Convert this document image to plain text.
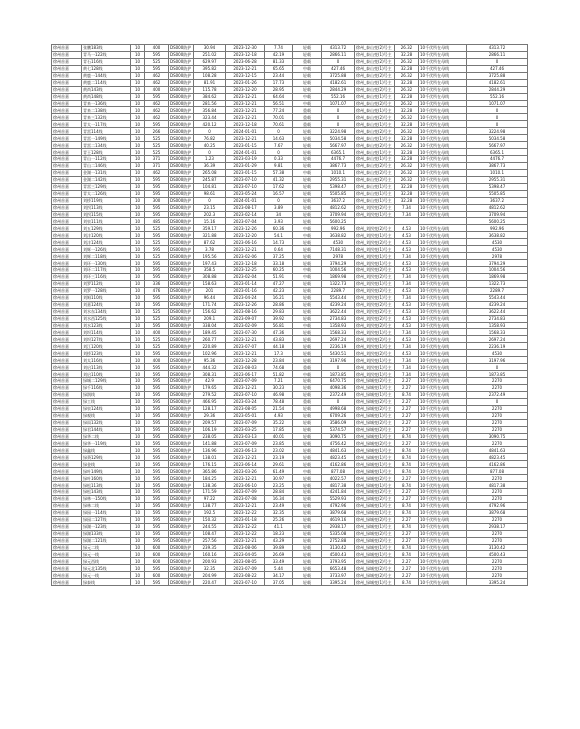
徐州首嘉	张鹏183线	10	400	DS000防护	30.94	2023-12-30	7.74	轻载	4313.72	徐州_泰山变(2)号主	26.32	10千伏所在母线	4313.72
徐州首嘉	青马一122线	10	595	DS000防护	251.02	2023-12-18	42.19	轻载	2866.11	徐州_泰山变(1)号主	32.28	10千伏所在母线	2866.11
徐州首嘉	青石116线	10	525	DS000防护	629.97	2023-06-28	81.33	重载	0	徐州_泰山变(2)号主	26.32	10千伏所在母线	0
徐州首嘉	黄七128线	10	595	DS000防护	395.82	2023-12-21	65.65	中载	427.46	徐州_泰山变(1)号主	32.28	10千伏所在母线	427.46
徐州首嘉	黄鹿一144线	10	462	DS000防护	108.28	2023-12-15	23.44	轻载	3725.88	徐州_泰山变(2)号主	26.32	10千伏所在母线	3725.88
徐州首嘉	黄鹿二114线	10	462	DS000防护	81.91	2023-01-26	17.73	轻载	4182.61	徐州_泰山变(1)号主	32.28	10千伏所在母线	4182.61
徐州首嘉	黄尚143线	10	400	DS000防护	115.78	2023-12-20	28.95	轻载	2844.29	徐州_泰山变(2)号主	26.32	10千伏所在母线	2844.29
徐州首嘉	黄尚148线	10	595	DS000防护	384.62	2023-12-21	64.64	中载	552.16	徐州_泰山变(1)号主	32.28	10千伏所在母线	552.16
徐州首嘉	青来一136线	10	462	DS000防护	281.56	2023-12-21	56.51	中载	1071.07	徐州_泰山变(2)号主	26.32	10千伏所在母线	1071.07
徐州首嘉	青来二138线	10	462	DS000防护	356.84	2023-12-21	77.24	重载	0	徐州_泰山变(1)号主	32.28	10千伏所在母线	0
徐州首嘉	青来三132线	10	462	DS000防护	323.44	2023-12-21	70.01	重载	0	徐州_泰山变(2)号主	26.32	10千伏所在母线	0
徐州首嘉	青太一117线	10	595	DS000防护	420.12	2023-12-18	70.61	重载	0	徐州_泰山变(1)号主	32.28	10千伏所在母线	0
徐州首嘉	青雷114线	10	266	DS000防护	0	2024-01-01	0	轻载	3224.98	徐州_泰山变(2)号主	26.32	10千伏所在母线	3224.98
徐州首嘉	青雷一149线	10	525	DS000防护	76.82	2023-12-21	14.63	轻载	5034.58	徐州_泰山变(1)号主	32.28	10千伏所在母线	5034.58
徐州首嘉	青雷二134线	10	525	DS000防护	40.25	2023-01-15	7.67	轻载	5667.97	徐州_泰山变(2)号主	26.32	10千伏所在母线	5667.97
徐州首嘉	青王128线	10	525	DS000防护	0	2024-01-01	0	轻载	6365.1	徐州_泰山变(1)号主	32.28	10千伏所在母线	6365.1
徐州首嘉	青山一112线	10	371	DS000防护	1.23	2023-03-19	0.33	轻载	4476.7	徐州_泰山变(1)号主	32.28	10千伏所在母线	4476.7
徐州首嘉	青山二146线	10	371	DS000防护	36.39	2023-01-29	9.81	轻载	3867.73	徐州_泰山变(2)号主	26.32	10千伏所在母线	3867.73
徐州首嘉	金湖一131线	10	462	DS000防护	265.08	2023-01-15	57.38	中载	1010.1	徐州_泰山变(2)号主	26.32	10千伏所在母线	1010.1
徐州首嘉	金湖二142线	10	595	DS000防护	245.87	2023-07-10	41.32	轻载	2955.31	徐州_泰山变(2)号主	26.32	10千伏所在母线	2955.31
徐州首嘉	青雷三129线	10	595	DS000防护	104.81	2023-07-10	17.62	轻载	5398.47	徐州_泰山变(1)号主	32.28	10千伏所在母线	5398.47
徐州首嘉	青太二126线	10	595	DS000防护	98.61	2023-05-24	16.57	轻载	5505.85	徐州_泰山变(1)号主	32.28	10千伏所在母线	5505.85
徐州首嘉	刘桥119线	10	300	DS000防护	0	2024-01-01	0	轻载	3637.2	徐州_泰山变(1)号主	32.28	10千伏所在母线	3637.2
徐州首嘉	刘拐113线	10	595	DS000防护	23.15	2023-08-17	3.89	轻载	4812.62	徐州_刘拐变(2)号主	7.34	10千伏所在母线	4812.62
徐州首嘉	刘拐115线	10	595	DS000防护	202.3	2023-02-14	34	轻载	3709.94	徐州_刘拐变(1)号主	7.34	10千伏所在母线	3709.94
徐州首嘉	刘泉111线	10	485	DS000防护	15.16	2023-07-04	3.93	轻载	5600.25				5600.25
徐州首嘉	刘五129线	10	525	DS000防护	359.17	2023-12-26	60.36	中载	992.96	徐州_刘拐变(2)号主	4.53	10千伏所在母线	992.96
徐州首嘉	刘沣120线	10	595	DS000防护	321.88	2023-12-20	54.1	中载	3638.82	徐州_刘拐变(1)号主	4.53	10千伏所在母线	3638.82
徐州首嘉	刘沣124线	10	525	DS000防护	87.62	2023-06-16	14.73	轻载	4530	徐州_刘拐变(2)号主	4.53	10千伏所在母线	4530
徐州首嘉	刘辉一126线	10	595	DS000防护	3.78	2023-12-21	0.64	轻载	7148.31	徐州_刘拐变(1)号主	4.53	10千伏所在母线	4530
徐州首嘉	刘辉二118线	10	525	DS000防护	195.56	2023-02-06	37.25	轻载	2978	徐州_刘拐变(1)号主	7.34	10千伏所在母线	2978
徐州首嘉	刘环一130线	10	595	DS000防护	197.43	2023-12-18	33.18	轻载	3794.29	徐州_刘拐变(1)号主	4.53	10千伏所在母线	3794.29
徐州首嘉	刘环二117线	10	595	DS000防护	358.5	2023-12-25	60.25	中载	1004.56	徐州_刘拐变(2)号主	4.53	10千伏所在母线	1004.56
徐州首嘉	刘环三116线	10	595	DS000防护	308.88	2023-02-04	51.91	中载	1869.98	徐州_刘拐变(2)号主	7.34	10千伏所在母线	1869.98
徐州首嘉	刘罗112线	10	336	DS000防护	158.63	2023-01-14	47.27	轻载	1322.73	徐州_刘拐变(1)号主	7.34	10千伏所在母线	1322.73
徐州首嘉	刘罗一128线	10	476	DS000防护	201	2023-01-16	42.23	轻载	2289.7	徐州_刘拐变(2)号主	4.53	10千伏所在母线	2289.7
徐州首嘉	刘姆110线	10	595	DS000防护	96.44	2023-04-24	16.21	轻载	5543.44	徐州_刘拐变(1)号主	7.34	10千伏所在母线	5543.44
徐州首嘉	刘嘉124线	10	595	DS000防护	171.74	2023-12-26	28.86	轻载	4239.24	徐州_刘拐变(2)号主	4.53	10千伏所在母线	4239.24
徐州首嘉	刘水东134线	10	525	DS000防护	156.62	2023-08-16	29.83	轻载	3622.44	徐州_刘拐变(2)号主	4.53	10千伏所在母线	3622.44
徐州首嘉	刘水西125线	10	525	DS000防护	209.1	2023-09-07	39.92	轻载	2734.83	徐州_刘拐变(2)号主	4.53	10千伏所在母线	2734.83
徐州首嘉	刘水123线	10	595	DS000防护	338.04	2023-02-09	56.81	中载	1358.93	徐州_刘拐变(2)号主	4.53	10千伏所在母线	1358.93
徐州首嘉	刘坝114线	10	400	DS000防护	189.45	2023-07-30	47.36	轻载	1568.33	徐州_刘拐变(1)号主	7.34	10千伏所在母线	1568.33
徐州首嘉	刘坝127线	10	525	DS000防护	260.77	2023-12-21	43.83	轻载	2697.24	徐州_刘拐变(2)号主	4.53	10千伏所在母线	2697.24
徐州首嘉	刘江120线	10	525	DS000防护	220.89	2023-07-07	44.18	轻载	2236.19	徐州_刘拐变(1)号主	7.34	10千伏所在母线	2236.19
徐州首嘉	刘桥123线	10	595	DS000防护	102.96	2023-12-21	17.3	轻载	5430.51	徐州_刘拐变(2)号主	4.53	10千伏所在母线	4530
徐州首嘉	刘太116线	10	400	DS000防护	95.36	2023-12-28	23.84	轻载	3197.96	徐州_刘拐变(1)号主	7.34	10千伏所在母线	3197.96
徐州首嘉	刘启113线	10	595	DS000防护	444.32	2023-08-03	74.68	重载	0	徐州_刘拐变(1)号主	7.34	10千伏所在母线	0
徐州首嘉	刘启110线	10	595	DS000防护	308.31	2023-06-17	51.82	中载	1873.85	徐州_刘拐变(1)号主	7.34	10千伏所在母线	1873.85
徐州首嘉	绿城二129线	10	595	DS000防护	42.9	2023-07-09	7.21	轻载	6470.75	徐州_绿城变(2)号主	2.27	10千伏所在母线	2270
徐州首嘉	绿千116线	10	595	DS000防护	179.65	2023-12-21	30.23	轻载	4098.36	徐州_绿城变(1)号主	2.27	10千伏所在母线	2270
徐州首嘉	绿润线	10	595	DS000防护	279.52	2023-07-10	46.98	轻载	2372.49	徐州_绿城变(1)号主	8.74	10千伏所在母线	2372.49
徐州首嘉	绿工线	10	595	DS000防护	466.95	2023-03-24	78.48	重载	0	徐州_绿城变(2)号主	2.27	10千伏所在母线	0
徐州首嘉	绿泉124线	10	595	DS000防护	128.17	2023-08-05	21.54	轻载	4998.68	徐州_绿城变(2)号主	2.27	10千伏所在母线	2270
徐州首嘉	绿观线	10	595	DS000防护	29.36	2023-05-01	4.93	轻载	6709.26	徐州_绿城变(1)号主	2.27	10千伏所在母线	2270
徐州首嘉	绿雨132线	10	595	DS000防护	209.57	2023-07-09	35.22	轻载	3586.09	徐州_绿城变(2)号主	2.27	10千伏所在母线	2270
徐州首嘉	绿君144线	10	595	DS000防护	106.19	2023-03-25	17.85	轻载	5374.57	徐州_绿城变(2)号主	2.27	10千伏所在母线	2270
徐州首嘉	绿华二线	10	595	DS000防护	238.05	2023-03-13	40.01	轻载	3090.75	徐州_绿城变(1)号主	8.74	10千伏所在母线	3090.75
徐州首嘉	绿华一119线	10	595	DS000防护	141.88	2023-07-09	23.85	轻载	4756.42	徐州_绿城变(2)号主	2.27	10千伏所在母线	2270
徐州首嘉	绿鑫线	10	595	DS000防护	136.96	2023-06-13	23.02	轻载	4841.63	徐州_绿城变(1)号主	8.74	10千伏所在母线	4841.63
徐州首嘉	绿葵129线	10	595	DS000防护	138.01	2023-12-21	23.19	轻载	4823.45	徐州_绿城变(1)号主	8.74	10千伏所在母线	4823.45
徐州首嘉	绿金线	10	595	DS000防护	176.15	2023-06-14	29.61	轻载	4162.86	徐州_绿城变(1)号主	8.74	10千伏所在母线	4162.86
徐州首嘉	绿叶149线	10	595	DS000防护	365.86	2023-03-26	61.49	中载	877.08	徐州_绿城变(1)号主	8.74	10千伏所在母线	877.08
徐州首嘉	绿叶160线	10	595	DS000防护	184.25	2023-12-21	30.97	轻载	4022.57	徐州_绿城变(2)号主	2.27	10千伏所在母线	2270
徐州首嘉	绿松113线	10	595	DS000防护	138.36	2023-06-10	23.25	轻载	4817.38	徐州_绿城变(1)号主	8.74	10千伏所在母线	4817.38
徐州首嘉	绿松143线	10	595	DS000防护	171.59	2023-07-09	28.84	轻载	4241.84	徐州_绿城变(2)号主	2.27	10千伏所在母线	2270
徐州首嘉	绿林一150线	10	595	DS000防护	97.22	2023-07-08	16.34	轻载	5529.93	徐州_绿城变(2)号主	2.27	10千伏所在母线	2270
徐州首嘉	绿林二线	10	595	DS000防护	138.77	2023-12-21	23.49	轻载	4792.96	徐州_绿城变(1)号主	8.74	10千伏所在母线	4792.96
徐州首嘉	绿园一114线	10	595	DS000防护	192.5	2023-12-22	32.35	轻载	3879.68	徐州_绿城变(1)号主	8.74	10千伏所在母线	3879.68
徐州首嘉	绿园二127线	10	595	DS000防护	150.32	2023-01-18	25.26	轻载	4619.16	徐州_绿城变(2)号主	2.27	10千伏所在母线	2270
徐州首嘉	绿湖一123线	10	595	DS000防护	244.55	2023-12-22	41.1	轻载	2938.17	徐州_绿城变(1)号主	8.74	10千伏所在母线	2938.17
徐州首嘉	绿湖133线	10	595	DS000防护	108.47	2023-12-22	18.23	轻载	5335.08	徐州_绿城变(2)号主	2.27	10千伏所在母线	2270
徐州首嘉	绿湖二121线	10	595	DS000防护	257.56	2023-12-21	43.29	轻载	2752.88	徐州_绿城变(2)号主	2.27	10千伏所在母线	2270
徐州首嘉	绿元二线	10	600	DS000防护	239.35	2023-08-06	39.89	轻载	3130.42	徐州_绿城变(1)号主	8.74	10千伏所在母线	3130.42
徐州首嘉	绿元一线	10	600	DS000防护	160.16	2023-04-05	26.69	轻载	4500.43	徐州_绿城变(1)号主	8.74	10千伏所在母线	4500.43
徐州首嘉	绿元西线	10	600	DS000防护	200.93	2023-08-05	33.49	轻载	3793.95	徐州_绿城变(2)号主	2.27	10千伏所在母线	2270
徐州首嘉	绿元北135线	10	595	DS000防护	32.35	2023-07-09	5.44	轻载	6653.48	徐州_绿城变(2)号主	2.27	10千伏所在母线	2270
徐州首嘉	绿元一线	10	600	DS000防护	204.99	2023-08-22	34.17	轻载	3733.97	徐州_绿城变(2)号主	2.27	10千伏所在母线	2270
徐州首嘉	绿泰线	10	595	DS000防护	220.47	2023-07-10	37.05	轻载	3395.24	徐州_绿城变(1)号主	8.74	10千伏所在母线	3395.24
